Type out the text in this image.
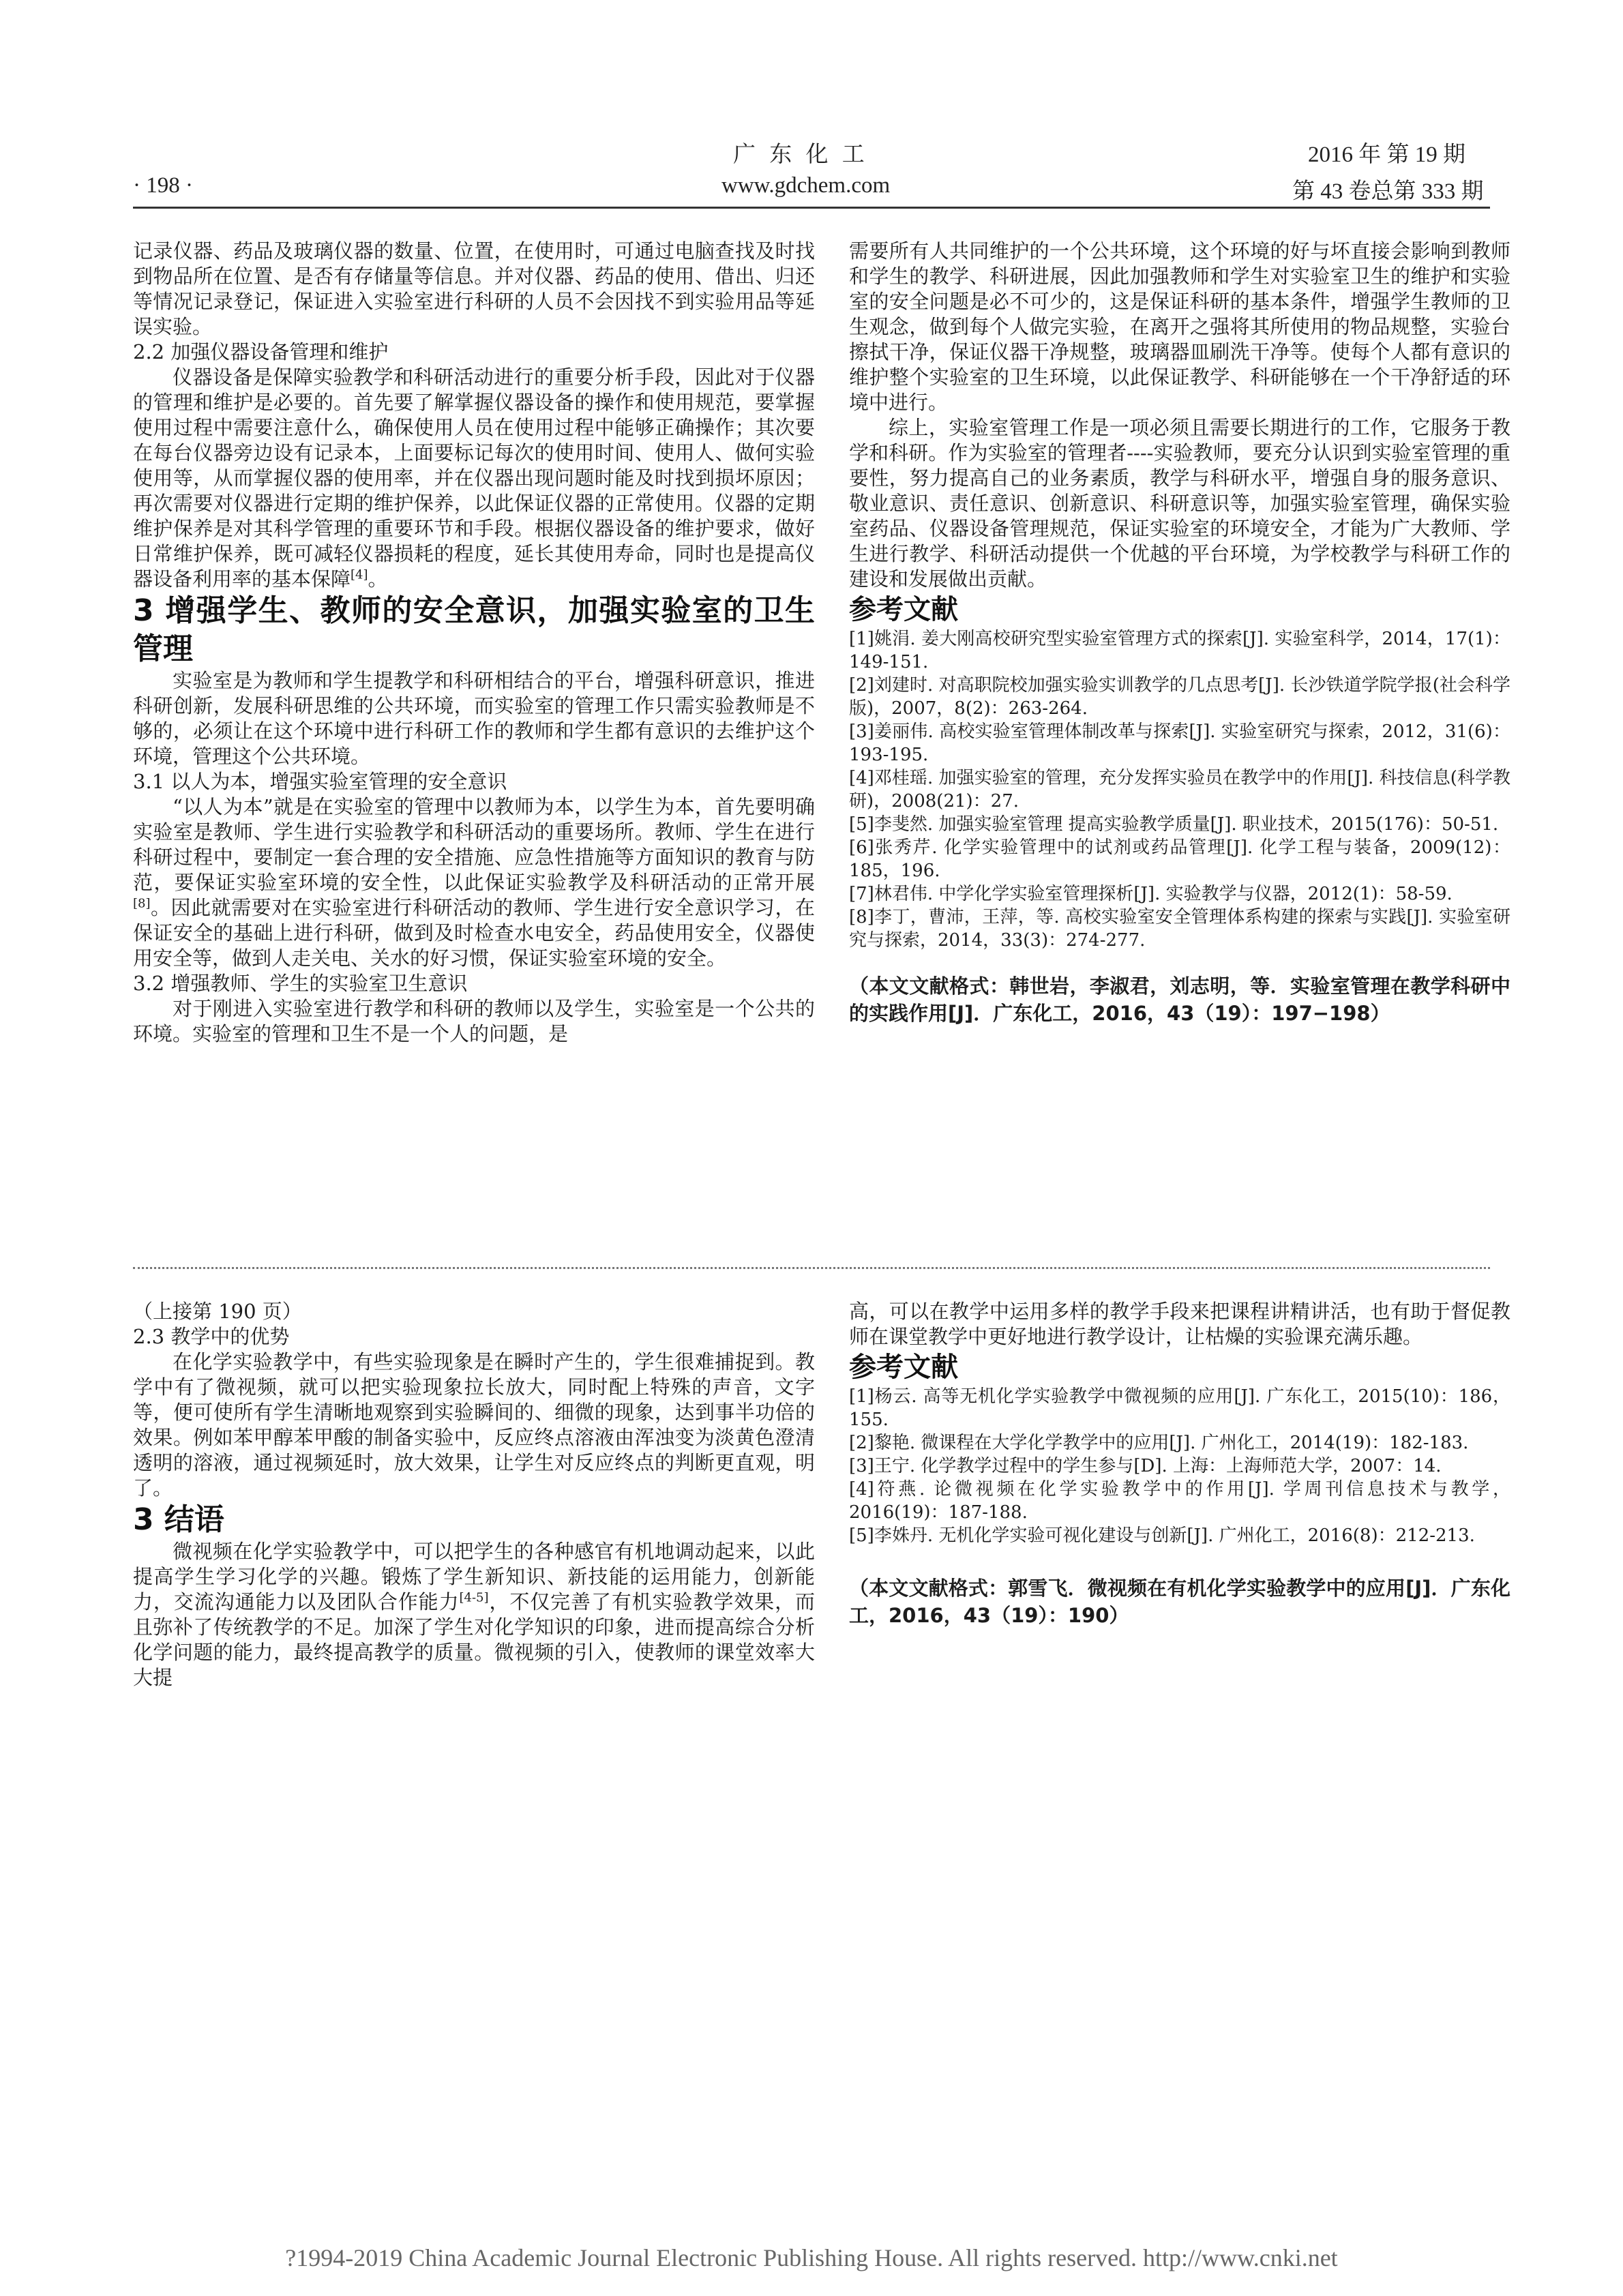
广 东 化 工	2016 年 第 19 期
· 198 ·	www.gdchem.com	第 43 卷总第 333 期

记录仪器、药品及玻璃仪器的数量、位置，在使用时，可通过电脑查找及时找到物品所在位置、是否有存储量等信息。并对仪器、药品的使用、借出、归还等情况记录登记，保证进入实验室进行科研的人员不会因找不到实验用品等延误实验。

2.2 加强仪器设备管理和维护

仪器设备是保障实验教学和科研活动进行的重要分析手段，因此对于仪器的管理和维护是必要的。首先要了解掌握仪器设备的操作和使用规范，要掌握使用过程中需要注意什么，确保使用人员在使用过程中能够正确操作；其次要在每台仪器旁边设有记录本，上面要标记每次的使用时间、使用人、做何实验使用等，从而掌握仪器的使用率，并在仪器出现问题时能及时找到损坏原因；再次需要对仪器进行定期的维护保养，以此保证仪器的正常使用。仪器的定期维护保养是对其科学管理的重要环节和手段。根据仪器设备的维护要求，做好日常维护保养，既可减轻仪器损耗的程度，延长其使用寿命，同时也是提高仪器设备利用率的基本保障[4]。

3 增强学生、教师的安全意识，加强实验室的卫生管理

实验室是为教师和学生提教学和科研相结合的平台，增强科研意识，推进科研创新，发展科研思维的公共环境，而实验室的管理工作只需实验教师是不够的，必须让在这个环境中进行科研工作的教师和学生都有意识的去维护这个环境，管理这个公共环境。

3.1 以人为本，增强实验室管理的安全意识

“以人为本”就是在实验室的管理中以教师为本，以学生为本，首先要明确实验室是教师、学生进行实验教学和科研活动的重要场所。教师、学生在进行科研过程中，要制定一套合理的安全措施、应急性措施等方面知识的教育与防范，要保证实验室环境的安全性，以此保证实验教学及科研活动的正常开展[8]。因此就需要对在实验室进行科研活动的教师、学生进行安全意识学习，在保证安全的基础上进行科研，做到及时检查水电安全，药品使用安全，仪器使用安全等，做到人走关电、关水的好习惯，保证实验室环境的安全。

3.2 增强教师、学生的实验室卫生意识

对于刚进入实验室进行教学和科研的教师以及学生，实验室是一个公共的环境。实验室的管理和卫生不是一个人的问题，是

需要所有人共同维护的一个公共环境，这个环境的好与坏直接会影响到教师和学生的教学、科研进展，因此加强教师和学生对实验室卫生的维护和实验室的安全问题是必不可少的，这是保证科研的基本条件，增强学生教师的卫生观念，做到每个人做完实验，在离开之强将其所使用的物品规整，实验台擦拭干净，保证仪器干净规整，玻璃器皿刷洗干净等。使每个人都有意识的维护整个实验室的卫生环境，以此保证教学、科研能够在一个干净舒适的环境中进行。

综上，实验室管理工作是一项必须且需要长期进行的工作，它服务于教学和科研。作为实验室的管理者----实验教师，要充分认识到实验室管理的重要性，努力提高自己的业务素质，教学与科研水平，增强自身的服务意识、敬业意识、责任意识、创新意识、科研意识等，加强实验室管理，确保实验室药品、仪器设备管理规范，保证实验室的环境安全，才能为广大教师、学生进行教学、科研活动提供一个优越的平台环境，为学校教学与科研工作的建设和发展做出贡献。

参考文献

[1]姚涓. 姜大刚高校研究型实验室管理方式的探索[J]. 实验室科学，2014，17(1)：149-151.

[2]刘建时. 对高职院校加强实验实训教学的几点思考[J]. 长沙铁道学院学报(社会科学版)，2007，8(2)：263-264.

[3]姜丽伟. 高校实验室管理体制改革与探索[J]. 实验室研究与探索，2012，31(6)：193-195.

[4]邓桂瑶. 加强实验室的管理，充分发挥实验员在教学中的作用[J]. 科技信息(科学教研)，2008(21)：27.

[5]李斐然. 加强实验室管理 提高实验教学质量[J]. 职业技术，2015(176)：50-51.

[6]张秀芹. 化学实验管理中的试剂或药品管理[J]. 化学工程与装备，2009(12)：185，196.

[7]林君伟. 中学化学实验室管理探析[J]. 实验教学与仪器，2012(1)：58-59.

[8]李丁，曹沛，王萍，等. 高校实验室安全管理体系构建的探索与实践[J]. 实验室研究与探索，2014，33(3)：274-277.

（本文文献格式：韩世岩，李淑君，刘志明，等．实验室管理在教学科研中的实践作用[J]．广东化工，2016，43（19）：197−198）

（上接第 190 页）

2.3 教学中的优势

在化学实验教学中，有些实验现象是在瞬时产生的，学生很难捕捉到。教学中有了微视频，就可以把实验现象拉长放大，同时配上特殊的声音，文字等，便可使所有学生清晰地观察到实验瞬间的、细微的现象，达到事半功倍的效果。例如苯甲醇苯甲酸的制备实验中，反应终点溶液由浑浊变为淡黄色澄清透明的溶液，通过视频延时，放大效果，让学生对反应终点的判断更直观，明了。

3 结语

微视频在化学实验教学中，可以把学生的各种感官有机地调动起来，以此提高学生学习化学的兴趣。锻炼了学生新知识、新技能的运用能力，创新能力，交流沟通能力以及团队合作能力[4-5]，不仅完善了有机实验教学效果，而且弥补了传统教学的不足。加深了学生对化学知识的印象，进而提高综合分析化学问题的能力，最终提高教学的质量。微视频的引入，使教师的课堂效率大大提

高，可以在教学中运用多样的教学手段来把课程讲精讲活，也有助于督促教师在课堂教学中更好地进行教学设计，让枯燥的实验课充满乐趣。

参考文献

[1]杨云. 高等无机化学实验教学中微视频的应用[J]. 广东化工，2015(10)：186，155.

[2]黎艳. 微课程在大学化学教学中的应用[J]. 广州化工，2014(19)：182-183.

[3]王宁. 化学教学过程中的学生参与[D]. 上海：上海师范大学，2007：14.

[4]符燕. 论微视频在化学实验教学中的作用[J]. 学周刊信息技术与教学，2016(19)：187-188.

[5]李姝丹. 无机化学实验可视化建设与创新[J]. 广州化工，2016(8)：212-213.

（本文文献格式：郭雪飞．微视频在有机化学实验教学中的应用[J]．广东化工，2016，43（19）：190）

?1994-2019 China Academic Journal Electronic Publishing House. All rights reserved. http://www.cnki.net
